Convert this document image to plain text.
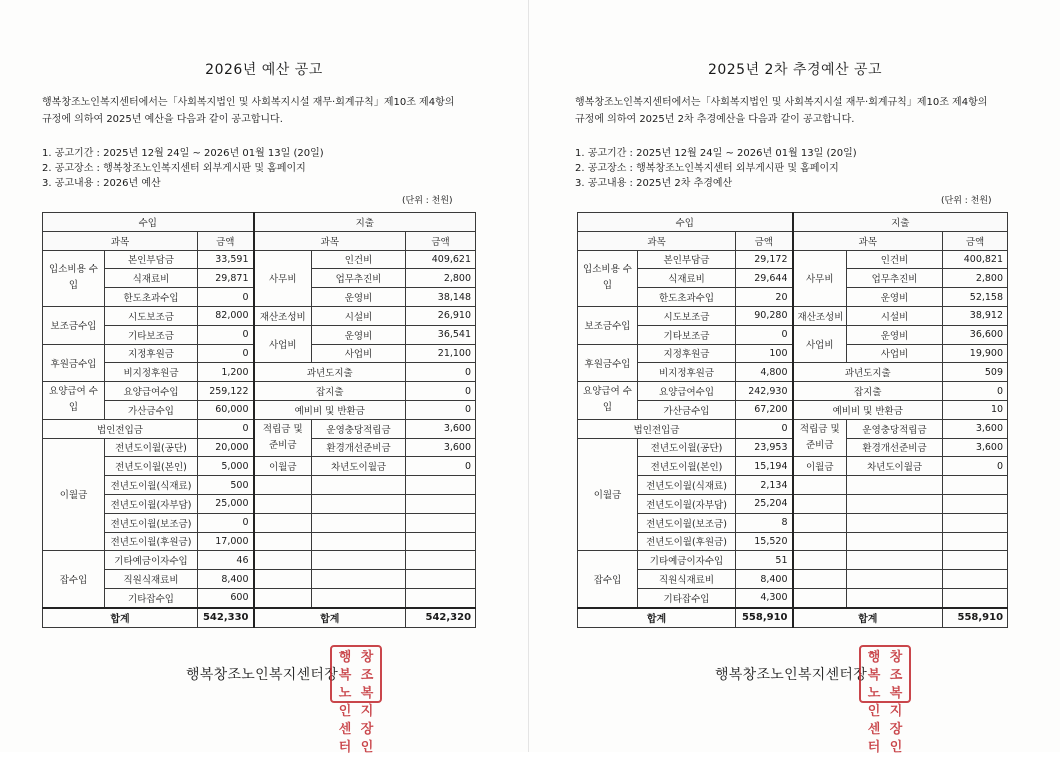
2026년 예산 공고
행복창조노인복지센터에서는「사회복지법인 및 사회복지시설 재무·회계규칙」제10조 제4항의
규정에 의하여 2025년 예산을 다음과 같이 공고합니다.
1. 공고기간 : 2025년 12월 24일 ~ 2026년 01월 13일 (20일)
2. 공고장소 : 행복창조노인복지센터 외부게시판 및 홈페이지
3. 공고내용 : 2026년 예산
(단위 : 천원)
수입			지출		
과목		금액	과목		금액
입소비용 수입	본인부담금	33,591	사무비	인건비	409,621
	식재료비	29,871		업무추진비	2,800
	한도초과수입	0		운영비	38,148
보조금수입	시도보조금	82,000	재산조성비	시설비	26,910
	기타보조금	0	사업비	운영비	36,541
후원금수입	지정후원금	0		사업비	21,100
	비지정후원금	1,200	과년도지출		0
요양급여 수입	요양급여수입	259,122	잡지출		0
	가산금수입	60,000	예비비 및 반환금		0
법인전입금		0	적립금 및 준비금	운영충당적립금	3,600
이월금	전년도이월(공단)	20,000		환경개선준비금	3,600
	전년도이월(본인)	5,000	이월금	차년도이월금	0
	전년도이월(식재료)	500			
	전년도이월(자부담)	25,000			
	전년도이월(보조금)	0			
	전년도이월(후원금)	17,000			
잡수입	기타예금이자수입	46			
	직원식재료비	8,400			
	기타잡수입	600			
합계		542,330	합계		542,320
행복창조노인복지센터장
행복
창조
노인
복지
센터
장인
2025년 2차 추경예산 공고
행복창조노인복지센터에서는「사회복지법인 및 사회복지시설 재무·회계규칙」제10조 제4항의
규정에 의하여 2025년 2차 추경예산을 다음과 같이 공고합니다.
1. 공고기간 : 2025년 12월 24일 ~ 2026년 01월 13일 (20일)
2. 공고장소 : 행복창조노인복지센터 외부게시판 및 홈페이지
3. 공고내용 : 2025년 2차 추경예산
(단위 : 천원)
수입			지출		
과목		금액	과목		금액
입소비용 수입	본인부담금	29,172	사무비	인건비	400,821
	식재료비	29,644		업무추진비	2,800
	한도초과수입	20		운영비	52,158
보조금수입	시도보조금	90,280	재산조성비	시설비	38,912
	기타보조금	0	사업비	운영비	36,600
후원금수입	지정후원금	100		사업비	19,900
	비지정후원금	4,800	과년도지출		509
요양급여 수입	요양급여수입	242,930	잡지출		0
	가산금수입	67,200	예비비 및 반환금		10
법인전입금		0	적립금 및 준비금	운영충당적립금	3,600
이월금	전년도이월(공단)	23,953		환경개선준비금	3,600
	전년도이월(본인)	15,194	이월금	차년도이월금	0
	전년도이월(식재료)	2,134			
	전년도이월(자부담)	25,204			
	전년도이월(보조금)	8			
	전년도이월(후원금)	15,520			
잡수입	기타예금이자수입	51			
	직원식재료비	8,400			
	기타잡수입	4,300			
합계		558,910	합계		558,910
행복창조노인복지센터장
행복
창조
노인
복지
센터
장인
